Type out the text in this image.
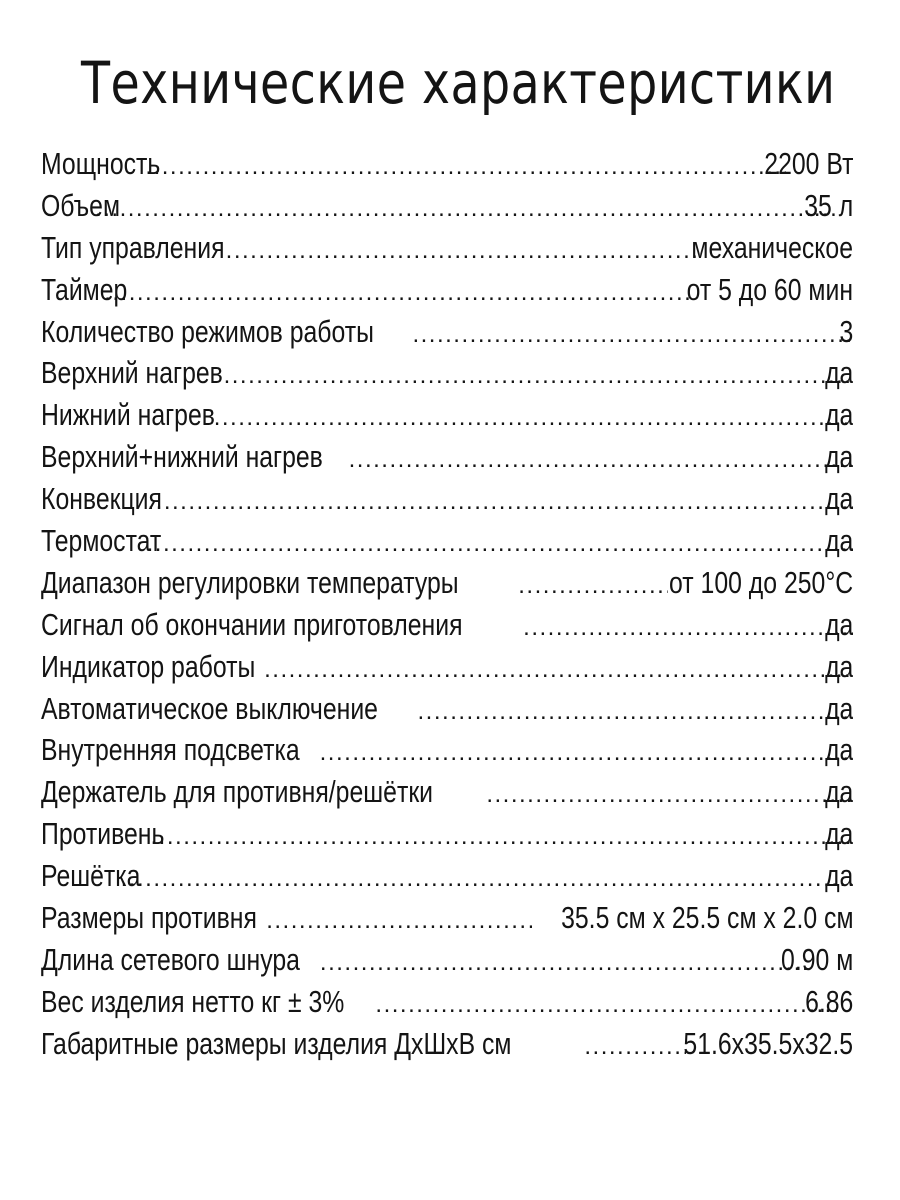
Технические характеристики
Мощность .....	2200 Вт
Объем .....	35 л
Тип управления .....	механическое
Таймер .....	от 5 до 60 мин
Количество режимов работы .....	3
Верхний нагрев .....	да
Нижний нагрев .....	да
Верхний+нижний нагрев .....	да
Конвекция .....	да
Термостат .....	да
Диапазон регулировки температуры .....	от 100 до 250°С
Сигнал об окончании приготовления .....	да
Индикатор работы .....	да
Автоматическое выключение .....	да
Внутренняя подсветка .....	да
Держатель для противня/решётки .....	да
Противень .....	да
Решётка .....	да
Размеры противня .....	35.5 см х 25.5 см х 2.0 см
Длина сетевого шнура .....	0.90 м
Вес изделия нетто кг ± 3% .....	6.86
Габаритные размеры изделия ДхШхВ см .....	51.6х35.5х32.5
